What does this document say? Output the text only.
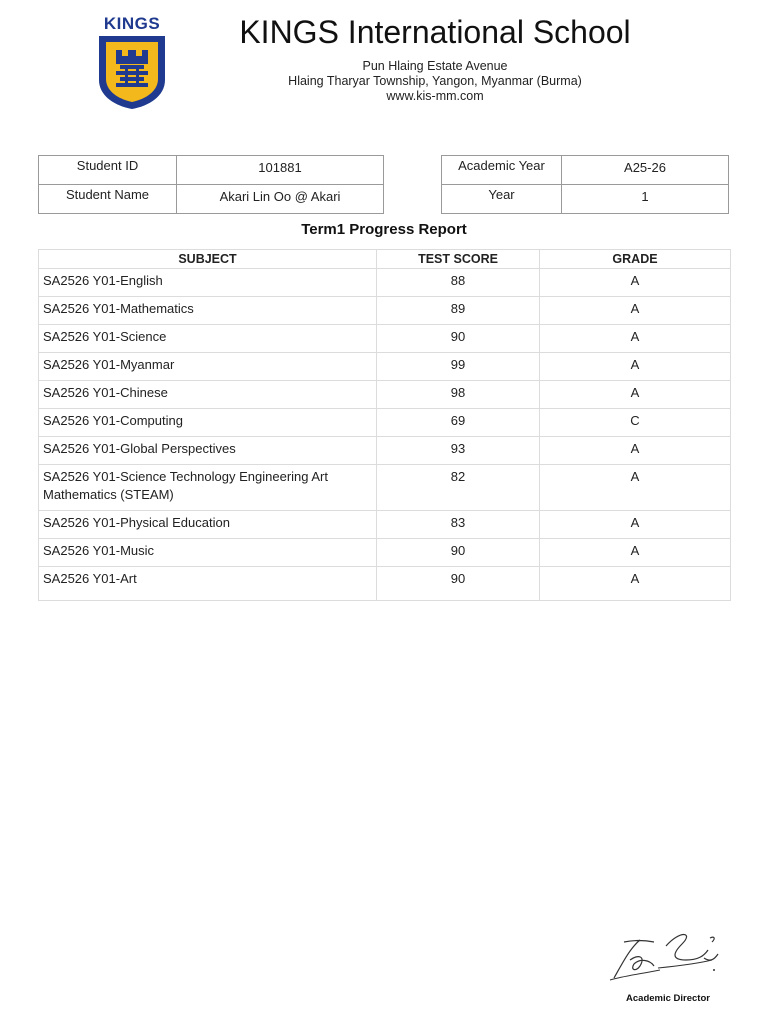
KINGS	KINGS International School
Pun Hlaing Estate Avenue
Hlaing Tharyar Township, Yangon, Myanmar (Burma)
www.kis-mm.com
Student ID	101881
Student Name	Akari Lin Oo @ Akari
Academic Year	A25-26
Year	1
Term1 Progress Report
SUBJECT	TEST SCORE	GRADE
SA2526 Y01-English	88	A
SA2526 Y01-Mathematics	89	A
SA2526 Y01-Science	90	A
SA2526 Y01-Myanmar	99	A
SA2526 Y01-Chinese	98	A
SA2526 Y01-Computing	69	C
SA2526 Y01-Global Perspectives	93	A
SA2526 Y01-Science Technology Engineering Art Mathematics (STEAM)	82	A
SA2526 Y01-Physical Education	83	A
SA2526 Y01-Music	90	A
SA2526 Y01-Art	90	A
Academic Director
